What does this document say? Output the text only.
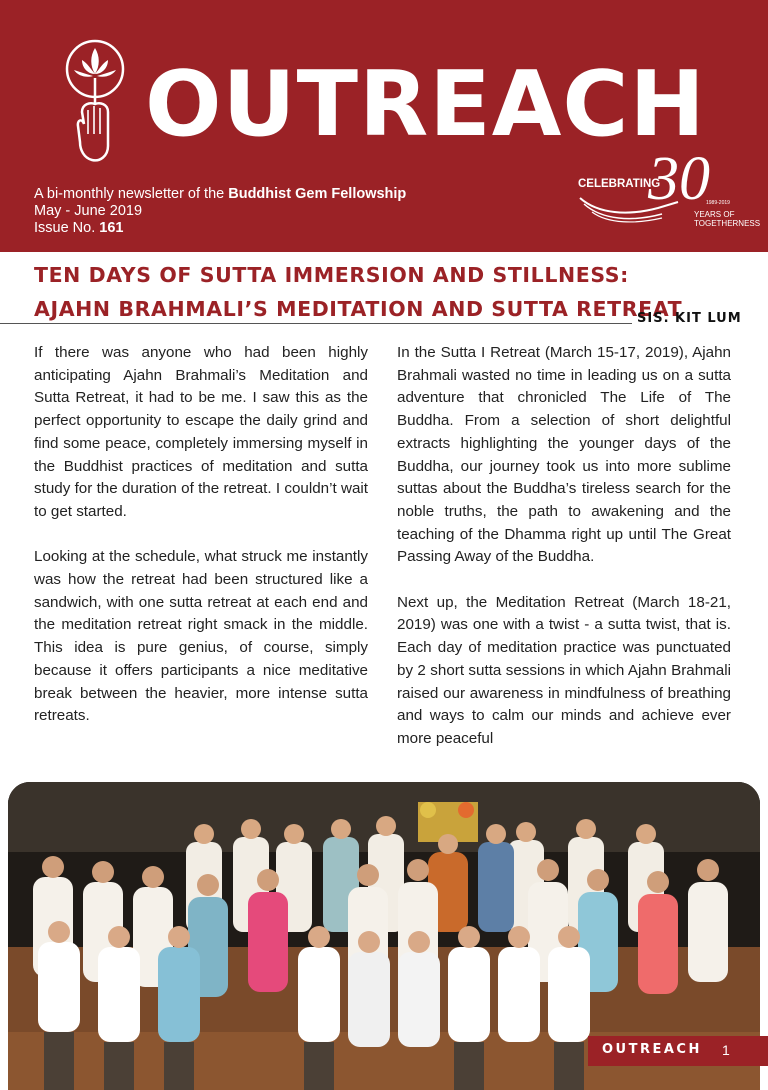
OUTREACH
A bi-monthly newsletter of the Buddhist Gem Fellowship
May - June 2019
Issue No. 161
CELEBRATING
30
1989-2019
YEARS OF
TOGETHERNESS
TEN DAYS OF SUTTA IMMERSION AND STILLNESS:
AJAHN BRAHMALI’S MEDITATION AND SUTTA RETREAT
SIS. KIT LUM

If there was anyone who had been highly anticipating Ajahn Brahmali’s Meditation and Sutta Retreat, it had to be me. I saw this as the perfect opportunity to escape the daily grind and find some peace, completely immersing myself in the Buddhist practices of meditation and sutta study for the duration of the retreat. I couldn’t wait to get started.

Looking at the schedule, what struck me instantly was how the retreat had been structured like a sandwich, with one sutta retreat at each end and the meditation retreat right smack in the middle. This idea is pure genius, of course, simply because it offers participants a nice meditative break between the heavier, more intense sutta retreats.

In the Sutta I Retreat (March 15-17, 2019), Ajahn Brahmali wasted no time in leading us on a sutta adventure that chronicled The Life of The Buddha. From a selection of short delightful extracts highlighting the younger days of the Buddha, our journey took us into more sublime suttas about the Buddha’s tireless search for the noble truths, the path to awakening and the teaching of the Dhamma right up until The Great Passing Away of the Buddha.

Next up, the Meditation Retreat (March 18-21, 2019) was one with a twist - a sutta twist, that is. Each day of meditation practice was punctuated by 2 short sutta sessions in which Ajahn Brahmali raised our awareness in mindfulness of breathing and ways to calm our minds and achieve ever more peaceful

OUTREACH 1
